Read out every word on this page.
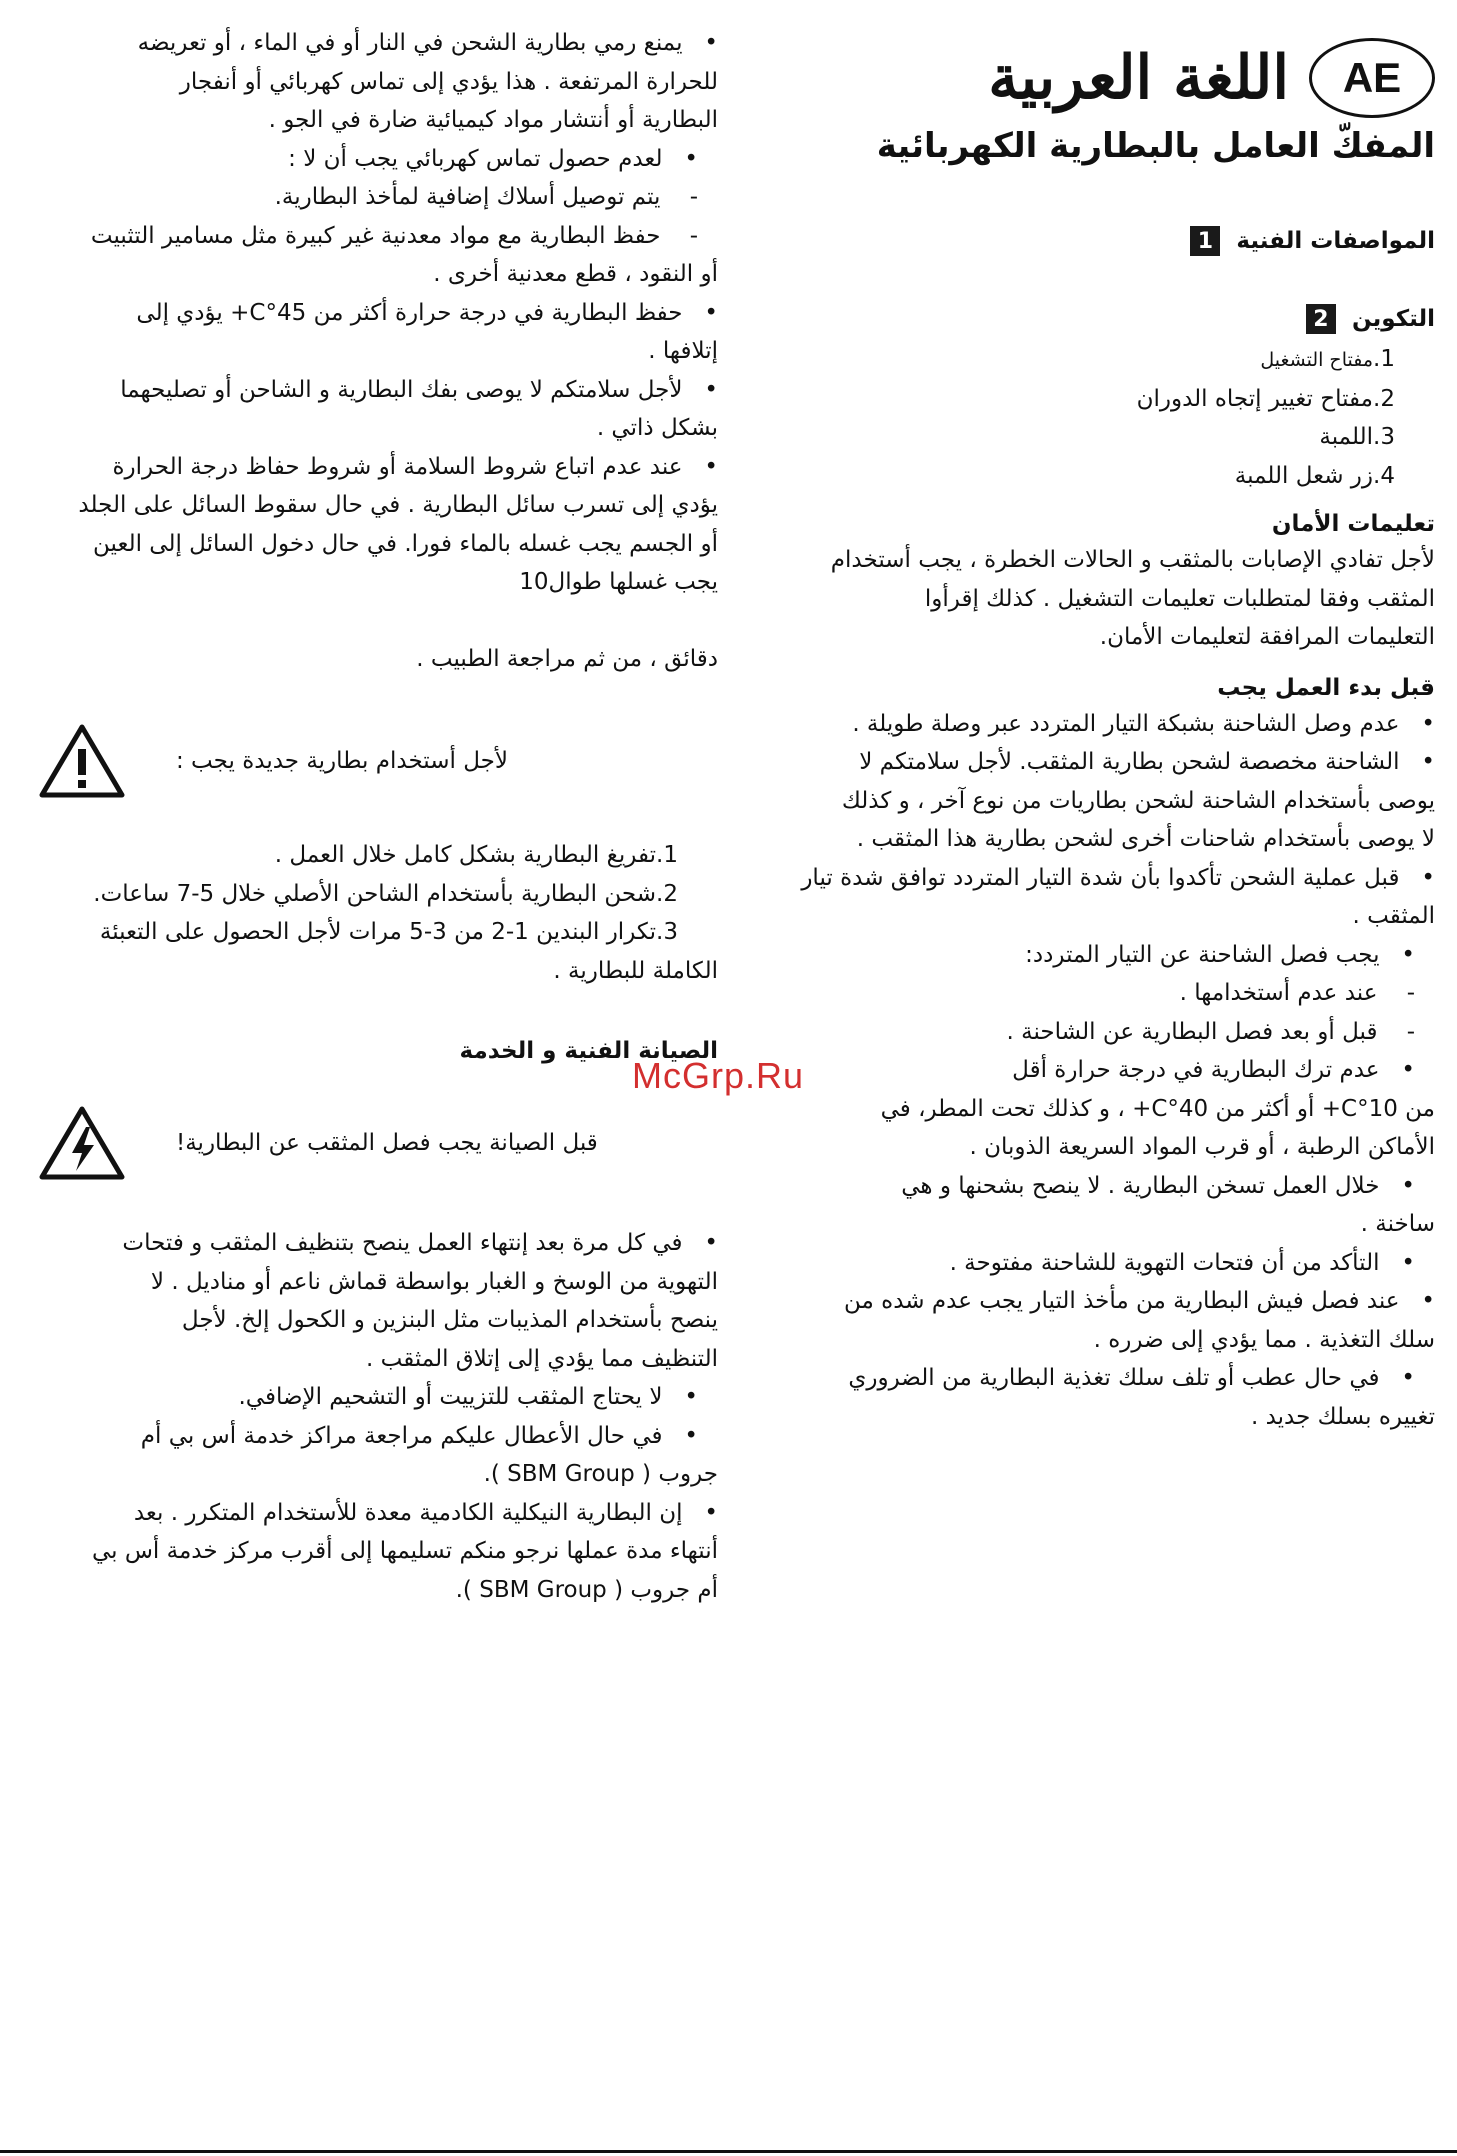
AE
اللغة العربية
المفكّ العامل بالبطارية الكهربائية
المواصفات الفنية
1
التكوين
2

1.مفتاح التشغيل

2.مفتاح تغيير إتجاه الدوران

3.اللمبة

4.زر شعل اللمبة

تعليمات الأمان

لأجل تفادي الإصابات بالمثقب و الحالات الخطرة ، يجب أستخدام

المثقب وفقا لمتطلبات تعليمات التشغيل . كذلك إقرأوا

التعليمات المرافقة لتعليمات الأمان.

قبل بدء العمل يجب

•   عدم وصل الشاحنة بشبكة التيار المتردد عبر وصلة طويلة .

•   الشاحنة مخصصة لشحن بطارية المثقب. لأجل سلامتكم لا

يوصى بأستخدام الشاحنة لشحن بطاريات من نوع آخر ، و كذلك

لا يوصى بأستخدام شاحنات أخرى لشحن بطارية هذا المثقب .

•   قبل عملية الشحن تأكدوا بأن شدة التيار المتردد توافق شدة تيار

المثقب .

•   يجب فصل الشاحنة عن التيار المتردد:

-    عند عدم أستخدامها .

-    قبل أو بعد فصل البطارية عن الشاحنة .

•   عدم ترك البطارية في درجة حرارة أقل

من 10°C+ أو أكثر من 40°C+ ، و كذلك تحت المطر، في

الأماكن الرطبة ، أو قرب المواد السريعة الذوبان .

•   خلال العمل تسخن البطارية . لا ينصح بشحنها و هي

ساخنة .

•   التأكد من أن فتحات التهوية للشاحنة مفتوحة .

•   عند فصل فيش البطارية من مأخذ التيار يجب عدم شده من

سلك التغذية . مما يؤدي إلى ضرره .

•   في حال عطب أو تلف سلك تغذية البطارية من الضروري

تغييره بسلك جديد .

•   يمنع رمي بطارية الشحن في النار أو في الماء ، أو تعريضه

للحرارة المرتفعة . هذا يؤدي إلى تماس كهربائي أو أنفجار

البطارية أو أنتشار مواد كيميائية ضارة في الجو .

•   لعدم حصول تماس كهربائي يجب أن لا :

-    يتم توصيل أسلاك إضافية لمأخذ البطارية.

-    حفظ البطارية مع مواد معدنية غير كبيرة مثل مسامير التثبيت

أو النقود ، قطع معدنية أخرى .

•   حفظ البطارية في درجة حرارة أكثر من 45°C+ يؤدي إلى

إتلافها .

•   لأجل سلامتكم لا يوصى بفك البطارية و الشاحن أو تصليحهما

بشكل ذاتي .

•   عند عدم اتباع شروط السلامة أو شروط حفاظ درجة الحرارة

يؤدي إلى تسرب سائل البطارية . في حال سقوط السائل على الجلد

أو الجسم يجب غسله بالماء فورا. في حال دخول السائل إلى العين

يجب غسلها طوال10

دقائق ، من ثم مراجعة الطبيب .

لأجل أستخدام بطارية جديدة يجب :

1.تفريغ البطارية بشكل كامل خلال العمل .

2.شحن البطارية بأستخدام الشاحن الأصلي خلال 5-7 ساعات.

3.تكرار البندين 1-2 من 3-5 مرات لأجل الحصول على التعبئة

الكاملة للبطارية .

الصيانة الفنية و الخدمة

قبل الصيانة يجب فصل المثقب عن البطارية!

•   في كل مرة بعد إنتهاء العمل ينصح بتنظيف المثقب و فتحات

التهوية من الوسخ و الغبار بواسطة قماش ناعم أو مناديل . لا

ينصح بأستخدام المذيبات مثل البنزين و الكحول إلخ. لأجل

التنظيف مما يؤدي إلى إتلاق المثقب .

•   لا يحتاج المثقب للتزييت أو التشحيم الإضافي.

•   في حال الأعطال عليكم مراجعة مراكز خدمة أس بي أم

جروب ( SBM Group ).

•   إن البطارية النيكلية الكادمية معدة للأستخدام المتكرر . بعد

أنتهاء مدة عملها نرجو منكم تسليمها إلى أقرب مركز خدمة أس بي

أم جروب ( SBM Group ).

McGrp.Ru
